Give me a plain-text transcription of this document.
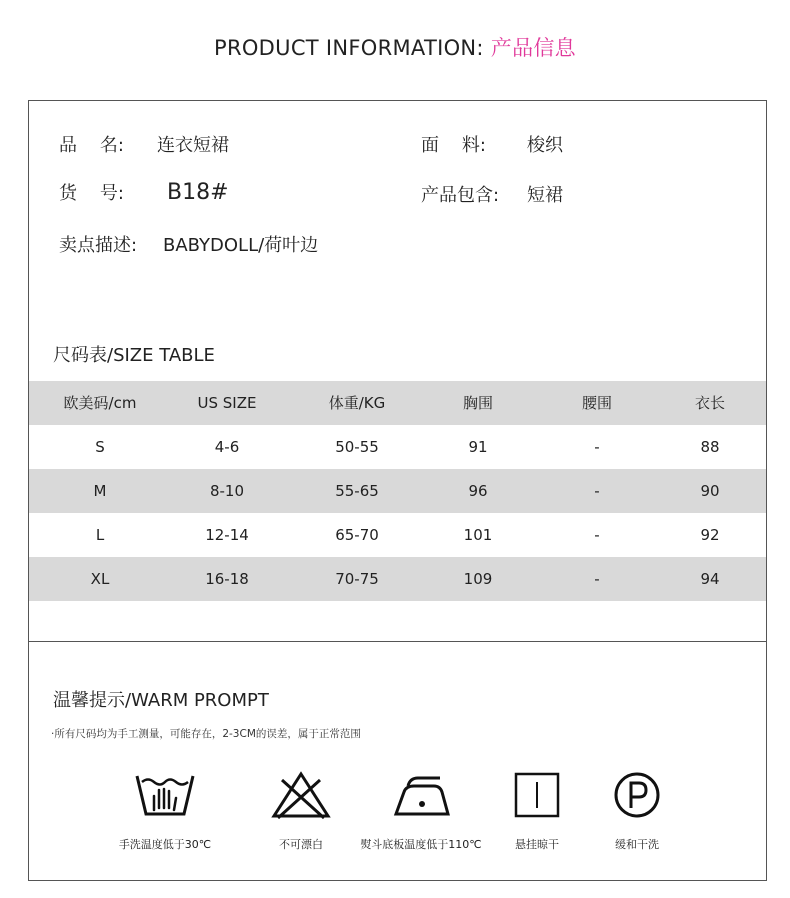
PRODUCT INFORMATION: 产品信息
品    名: 连衣短裙	面    料: 梭织
货    号: B18#	产品包含: 短裙
卖点描述: BABYDOLL/荷叶边
尺码表/SIZE TABLE
欧美码/cm	US SIZE	体重/KG	胸围	腰围	衣长
S	4-6	50-55	91	-	88
M	8-10	55-65	96	-	90
L	12-14	65-70	101	-	92
XL	16-18	70-75	109	-	94
温馨提示/WARM PROMPT
·所有尺码均为手工测量，可能存在，2-3CM的误差，属于正常范围
手洗温度低于30℃	不可漂白	熨斗底板温度低于110℃	悬挂晾干	缓和干洗
